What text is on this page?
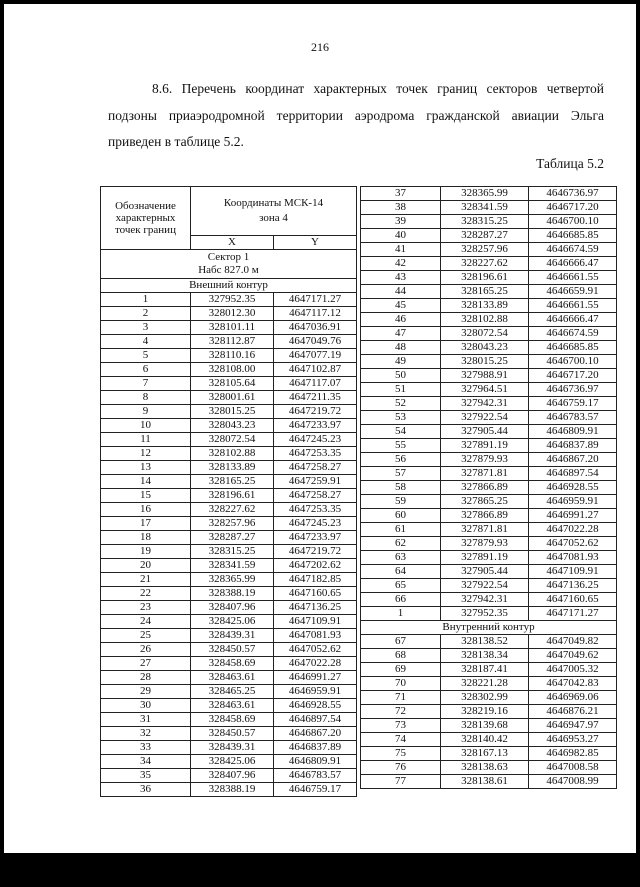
216
8.6. Перечень координат характерных точек границ секторов четвертой
подзоны приаэродромной территории аэродрома гражданской авиации Эльга
приведен в таблице 5.2.
Таблица 5.2
Обозначение характерных точек границ	Координаты МСК-14 зона 4	
	X	Y

Сектор 1
Набс 827.0 м		

Внешний контур		
1	327952.35	4647171.27
2	328012.30	4647117.12
3	328101.11	4647036.91
4	328112.87	4647049.76
5	328110.16	4647077.19
6	328108.00	4647102.87
7	328105.64	4647117.07
8	328001.61	4647211.35
9	328015.25	4647219.72
10	328043.23	4647233.97
11	328072.54	4647245.23
12	328102.88	4647253.35
13	328133.89	4647258.27
14	328165.25	4647259.91
15	328196.61	4647258.27
16	328227.62	4647253.35
17	328257.96	4647245.23
18	328287.27	4647233.97
19	328315.25	4647219.72
20	328341.59	4647202.62
21	328365.99	4647182.85
22	328388.19	4647160.65
23	328407.96	4647136.25
24	328425.06	4647109.91
25	328439.31	4647081.93
26	328450.57	4647052.62
27	328458.69	4647022.28
28	328463.61	4646991.27
29	328465.25	4646959.91
30	328463.61	4646928.55
31	328458.69	4646897.54
32	328450.57	4646867.20
33	328439.31	4646837.89
34	328425.06	4646809.91
35	328407.96	4646783.57
36	328388.19	4646759.17
37	328365.99	4646736.97
38	328341.59	4646717.20
39	328315.25	4646700.10
40	328287.27	4646685.85
41	328257.96	4646674.59
42	328227.62	4646666.47
43	328196.61	4646661.55
44	328165.25	4646659.91
45	328133.89	4646661.55
46	328102.88	4646666.47
47	328072.54	4646674.59
48	328043.23	4646685.85
49	328015.25	4646700.10
50	327988.91	4646717.20
51	327964.51	4646736.97
52	327942.31	4646759.17
53	327922.54	4646783.57
54	327905.44	4646809.91
55	327891.19	4646837.89
56	327879.93	4646867.20
57	327871.81	4646897.54
58	327866.89	4646928.55
59	327865.25	4646959.91
60	327866.89	4646991.27
61	327871.81	4647022.28
62	327879.93	4647052.62
63	327891.19	4647081.93
64	327905.44	4647109.91
65	327922.54	4647136.25
66	327942.31	4647160.65
1	327952.35	4647171.27
Внутренний контур		
67	328138.52	4647049.82
68	328138.34	4647049.62
69	328187.41	4647005.32
70	328221.28	4647042.83
71	328302.99	4646969.06
72	328219.16	4646876.21
73	328139.68	4646947.97
74	328140.42	4646953.27
75	328167.13	4646982.85
76	328138.63	4647008.58
77	328138.61	4647008.99
